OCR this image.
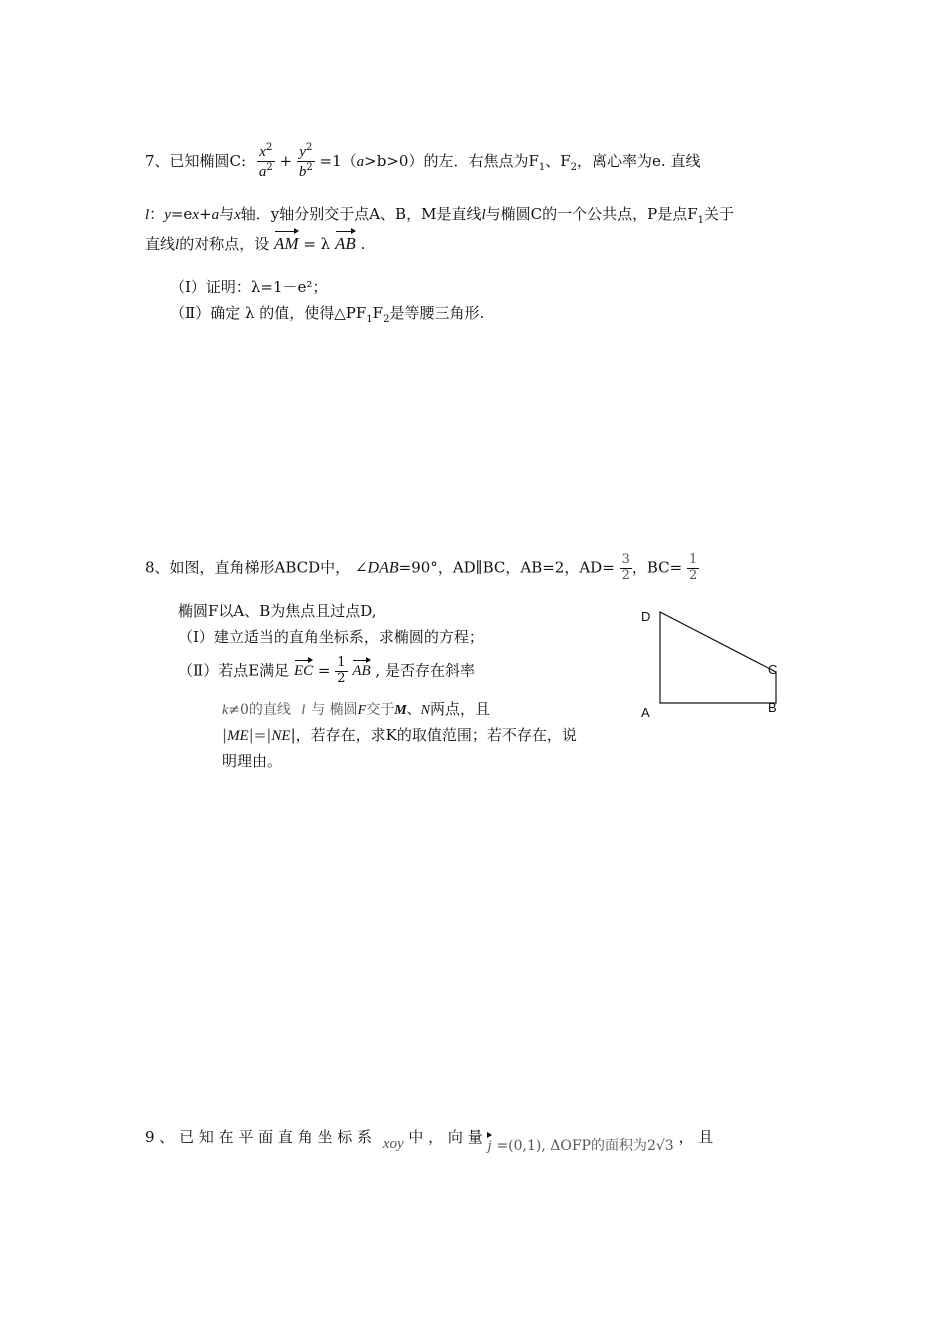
7、已知椭圆C: $\frac{x^2}{a^2} + \frac{y^2}{b^2} =1(a>b>0)$的左．右焦点为$F_1$、$F_2$，离心率为e. 直线
l：y=ex+a与x轴．y轴分别交于点A、B，M是直线l与椭圆C的一个公共点，P是点$F_1$关于
直线l的对称点，设 AM = λ AB .
（Ⅰ）证明：λ=1－e²；
（Ⅱ）确定 λ 的值，使得$\triangle PF_1F_2$是等腰三角形.
8、如图，直角梯形ABCD中， ∠DAB=90°，AD∥BC，AB=2，$AD= \frac{3}{2}$ ，$BC= \frac{1}{2}$
椭圆F以A、B为焦点且过点D,
（Ⅰ）建立适当的直角坐标系，求椭圆的方程；
（Ⅱ）若点E满足 EC = $\frac{1}{2}$ AB , 是否存在斜率
k≠0的直线 l 与 椭圆F交于M、N两点，且
|ME|=|NE|，若存在，求K的取值范围；若不存在，说
明理由。
D
C
A	B
9 、 已 知 在 平 面 直 角 坐 标 系 xoy 中 ， 向 量 j =(0,1), ΔOFP的面积为2√3 ， 且
